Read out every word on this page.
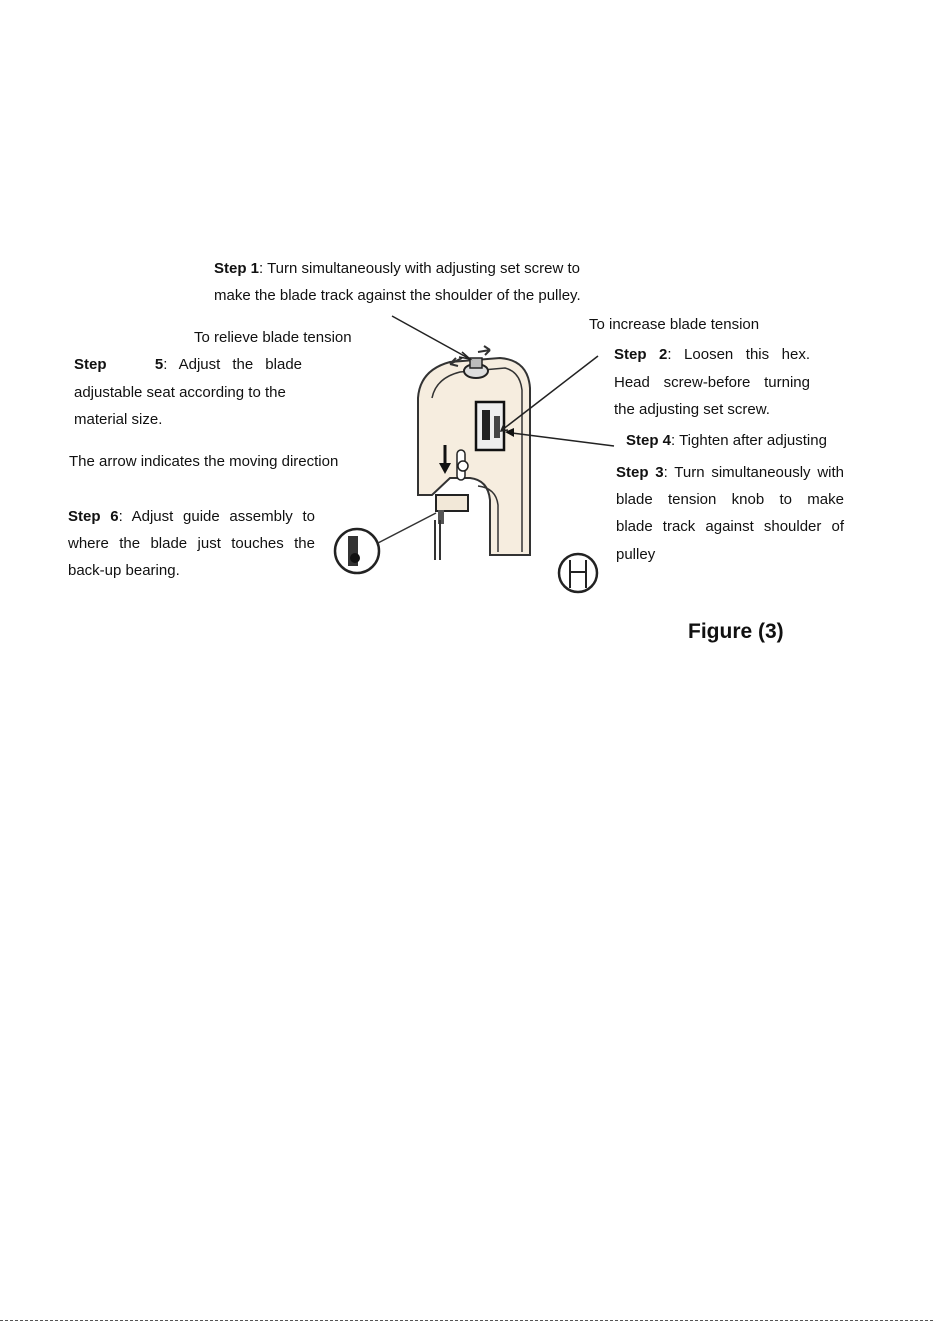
Step 1: Turn simultaneously with adjusting set screw to
make the blade track against the shoulder of the pulley.
To relieve blade tension
To increase blade tension
Step	5: Adjust the blade
adjustable seat according to the
material size.
The arrow indicates the moving direction
Step 6: Adjust guide assembly to
where the blade just touches the
back-up bearing.
Step 2: Loosen this hex.
Head screw-before turning
the adjusting set screw.
Step 4: Tighten after adjusting
Step 3: Turn simultaneously with
blade tension knob to make
blade track against shoulder of
pulley
Figure (3)
